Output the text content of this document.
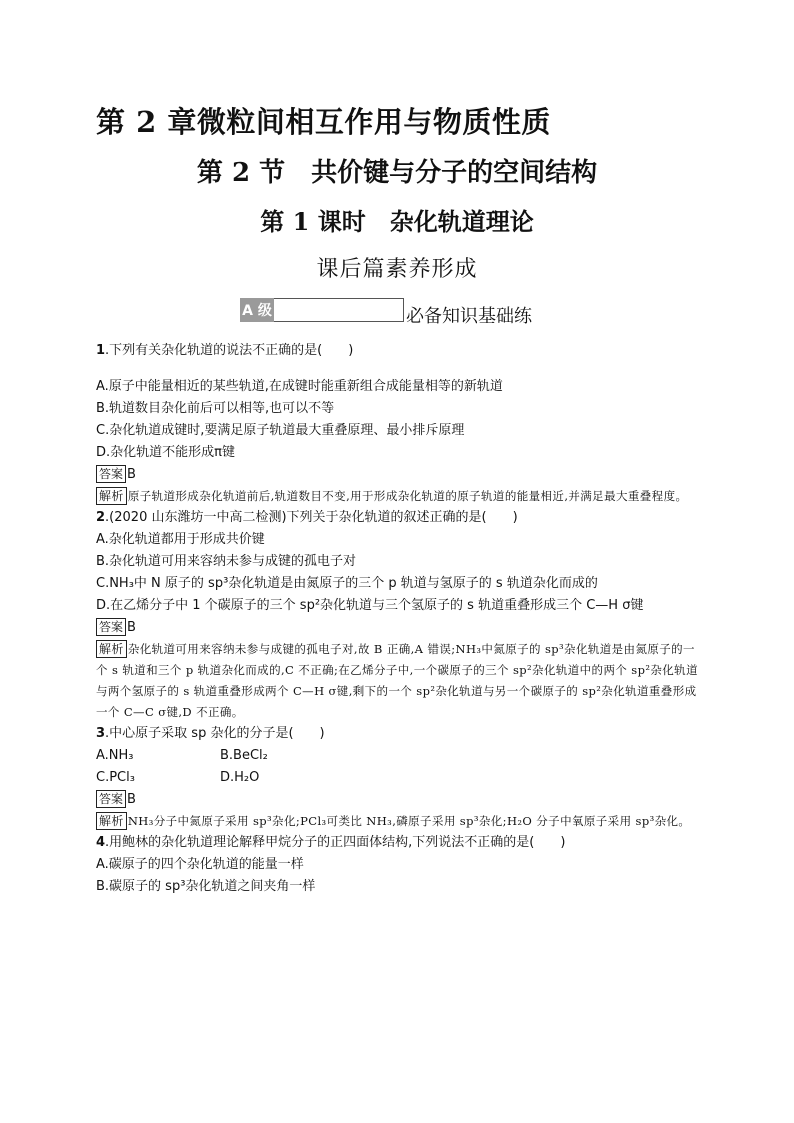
第 2 章微粒间相互作用与物质性质
第 2 节　共价键与分子的空间结构
第 1 课时　杂化轨道理论
课后篇素养形成
A 级	必备知识基础练
1.下列有关杂化轨道的说法不正确的是(　　)
A.原子中能量相近的某些轨道,在成键时能重新组合成能量相等的新轨道
B.轨道数目杂化前后可以相等,也可以不等
C.杂化轨道成键时,要满足原子轨道最大重叠原理、最小排斥原理
D.杂化轨道不能形成π键
答案 B
解析 原子轨道形成杂化轨道前后,轨道数目不变,用于形成杂化轨道的原子轨道的能量相近,并满足最大重叠程度。
2.(2020 山东潍坊一中高二检测)下列关于杂化轨道的叙述正确的是(　　)
A.杂化轨道都用于形成共价键
B.杂化轨道可用来容纳未参与成键的孤电子对
C.NH₃中 N 原子的 sp³杂化轨道是由氮原子的三个 p 轨道与氢原子的 s 轨道杂化而成的
D.在乙烯分子中 1 个碳原子的三个 sp²杂化轨道与三个氢原子的 s 轨道重叠形成三个 C—H σ键
答案 B
解析 杂化轨道可用来容纳未参与成键的孤电子对,故 B 正确,A 错误;NH₃中氮原子的 sp³杂化轨道是由氮原子的一个 s 轨道和三个 p 轨道杂化而成的,C 不正确;在乙烯分子中,一个碳原子的三个 sp²杂化轨道中的两个 sp²杂化轨道与两个氢原子的 s 轨道重叠形成两个 C—H σ键,剩下的一个 sp²杂化轨道与另一个碳原子的 sp²杂化轨道重叠形成一个 C—C σ键,D 不正确。
3.中心原子采取 sp 杂化的分子是(　　)
A.NH₃	B.BeCl₂
C.PCl₃	D.H₂O
答案 B
解析 NH₃分子中氮原子采用 sp³杂化;PCl₃可类比 NH₃,磷原子采用 sp³杂化;H₂O 分子中氧原子采用 sp³杂化。
4.用鲍林的杂化轨道理论解释甲烷分子的正四面体结构,下列说法不正确的是(　　)
A.碳原子的四个杂化轨道的能量一样
B.碳原子的 sp³杂化轨道之间夹角一样
